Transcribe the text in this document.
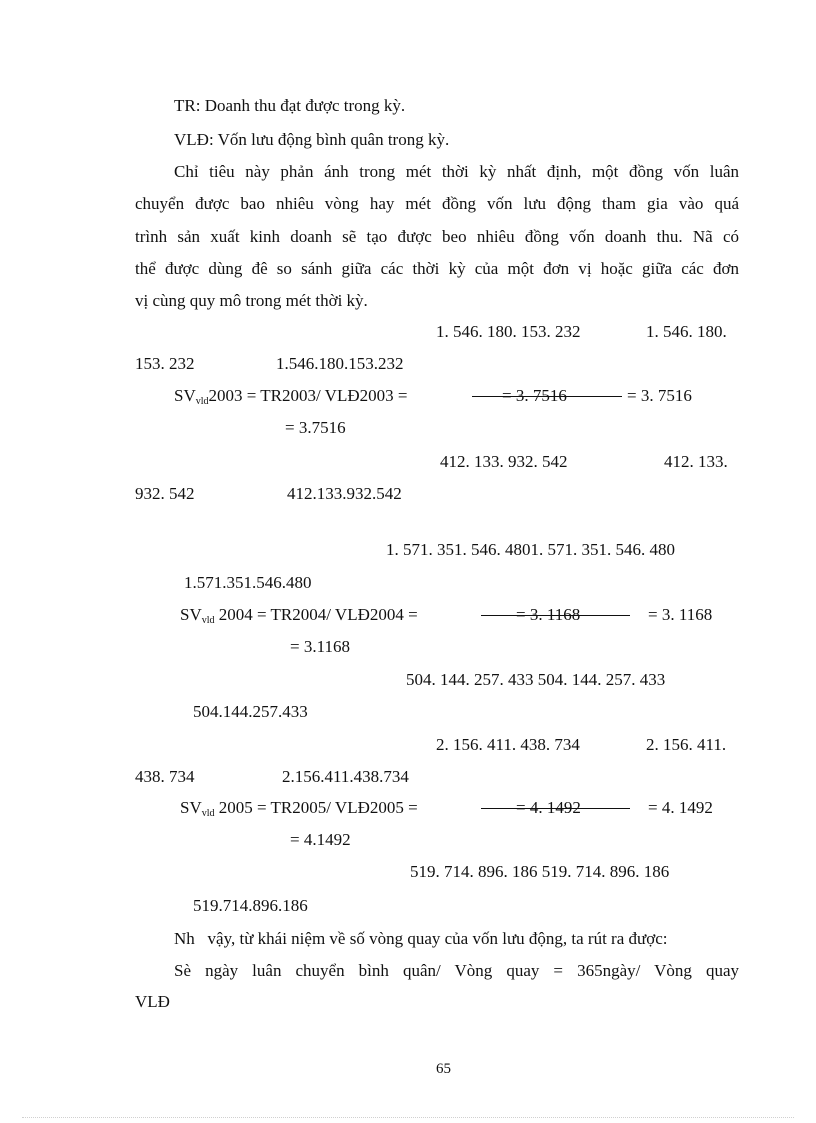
TR: Doanh thu đạt được trong kỳ.
VLĐ: Vốn lưu động bình quân trong kỳ.
Chỉ tiêu này phản ánh trong mét thời kỳ nhất định, một đồng vốn luân
chuyển được bao nhiêu vòng hay mét đồng vốn lưu động tham gia vào quá
trình sản xuất kinh doanh sẽ tạo được beo nhiêu đồng vốn doanh thu. Nã có
thể được dùng đê so sánh giữa các thời kỳ của một đơn vị hoặc giữa các đơn
vị cùng quy mô trong mét thời kỳ.
1. 546. 180. 153. 232	1. 546. 180.
153. 232	1.546.180.153.232
$SV_{vld}2003 = TR2003/$ VLĐ2003 =	= 3. 7516	= 3. 7516
= 3.7516
412. 133. 932. 542	412. 133.
932. 542	412.133.932.542
1. 571. 351. 546. 4801. 571. 351. 546. 480
1.571.351.546.480
$SV_{vld}$ 2004 = TR2004/ VLĐ2004 =	= 3. 1168	= 3. 1168
= 3.1168
504. 144. 257. 433 504. 144. 257. 433
504.144.257.433
2. 156. 411. 438. 734	2. 156. 411.
438. 734	2.156.411.438.734
$SV_{vld}$ 2005 = TR2005/ VLĐ2005 =	= 4. 1492	= 4. 1492
= 4.1492
519. 714. 896. 186 519. 714. 896. 186
519.714.896.186
Nh vậy, từ khái niệm về số vòng quay của vốn lưu động, ta rút ra được:
Sè ngày luân chuyển bình quân/ Vòng quay = 365ngày/ Vòng quay
VLĐ
65
